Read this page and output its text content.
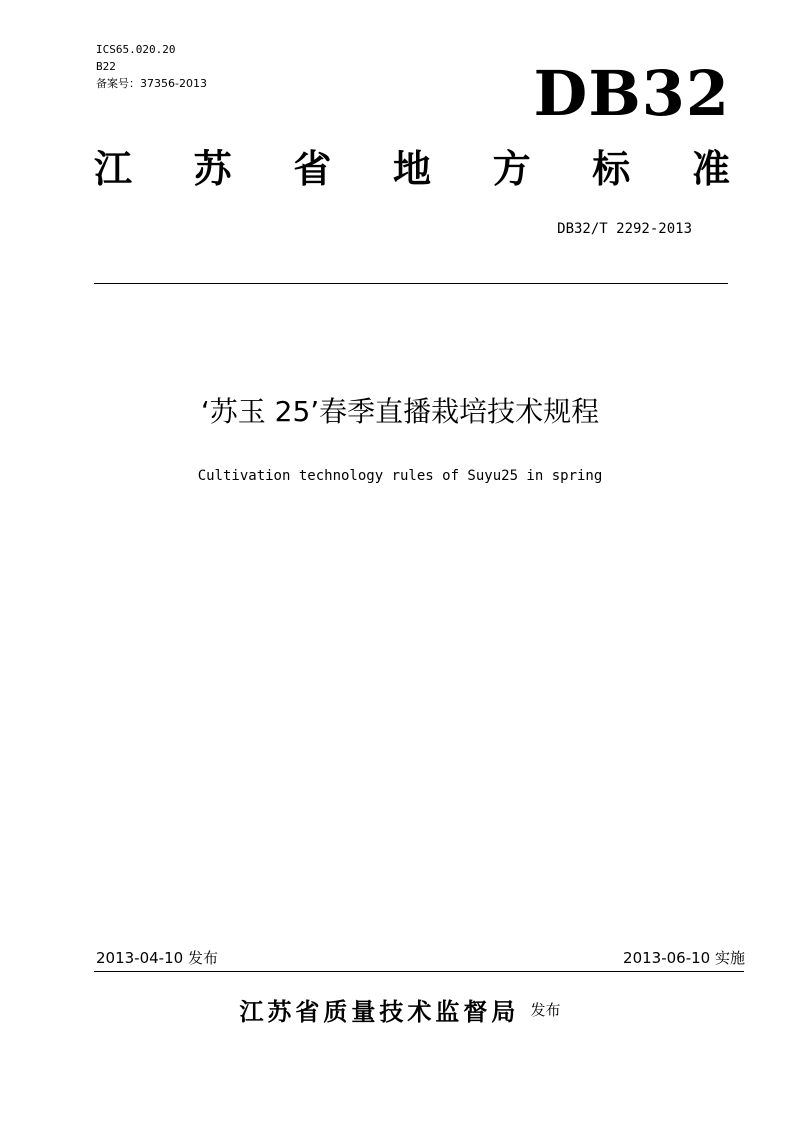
ICS65.020.20
B22
备案号：37356-2013	DB32
江 苏 省 地 方 标 准
DB32/T 2292-2013
‘苏玉 25’春季直播栽培技术规程
Cultivation technology rules of Suyu25 in spring
2013-04-10 发布	2013-06-10 实施
江苏省质量技术监督局 发布
